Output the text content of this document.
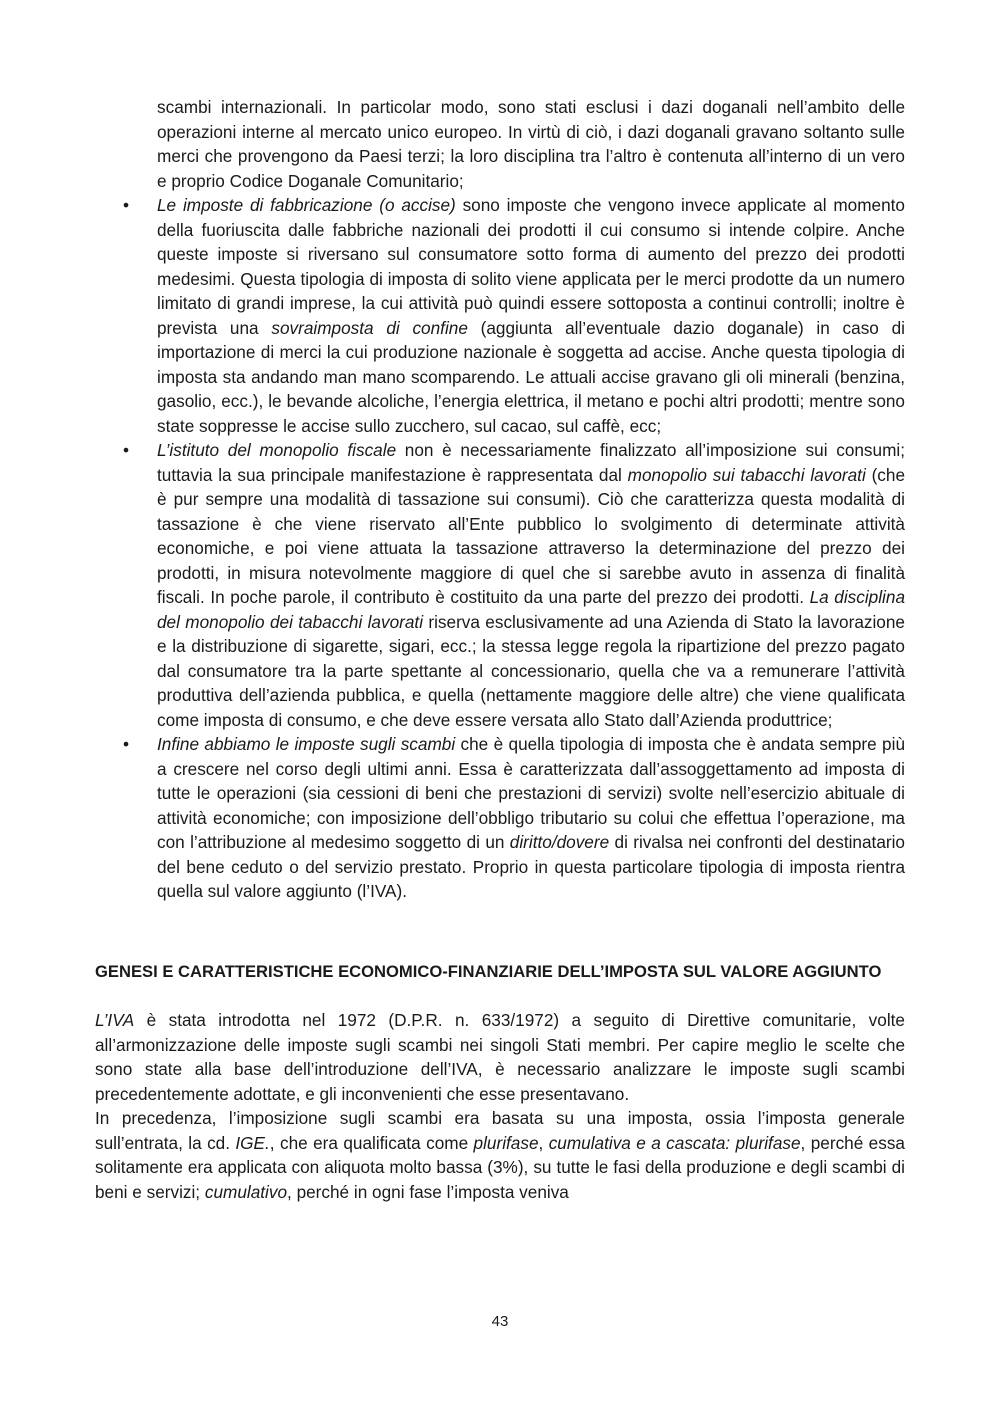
scambi internazionali. In particolar modo, sono stati esclusi i dazi doganali nell’ambito delle operazioni interne al mercato unico europeo. In virtù di ciò, i dazi doganali gravano soltanto sulle merci che provengono da Paesi terzi; la loro disciplina tra l’altro è contenuta all’interno di un vero e proprio Codice Doganale Comunitario;

• Le imposte di fabbricazione (o accise) sono imposte che vengono invece applicate al momento della fuoriuscita dalle fabbriche nazionali dei prodotti il cui consumo si intende colpire. Anche queste imposte si riversano sul consumatore sotto forma di aumento del prezzo dei prodotti medesimi. Questa tipologia di imposta di solito viene applicata per le merci prodotte da un numero limitato di grandi imprese, la cui attività può quindi essere sottoposta a continui controlli; inoltre è prevista una sovraimposta di confine (aggiunta all’eventuale dazio doganale) in caso di importazione di merci la cui produzione nazionale è soggetta ad accise. Anche questa tipologia di imposta sta andando man mano scomparendo. Le attuali accise gravano gli oli minerali (benzina, gasolio, ecc.), le bevande alcoliche, l’energia elettrica, il metano e pochi altri prodotti; mentre sono state soppresse le accise sullo zucchero, sul cacao, sul caffè, ecc;
• L’istituto del monopolio fiscale non è necessariamente finalizzato all’imposizione sui consumi; tuttavia la sua principale manifestazione è rappresentata dal monopolio sui tabacchi lavorati (che è pur sempre una modalità di tassazione sui consumi). Ciò che caratterizza questa modalità di tassazione è che viene riservato all’Ente pubblico lo svolgimento di determinate attività economiche, e poi viene attuata la tassazione attraverso la determinazione del prezzo dei prodotti, in misura notevolmente maggiore di quel che si sarebbe avuto in assenza di finalità fiscali. In poche parole, il contributo è costituito da una parte del prezzo dei prodotti. La disciplina del monopolio dei tabacchi lavorati riserva esclusivamente ad una Azienda di Stato la lavorazione e la distribuzione di sigarette, sigari, ecc.; la stessa legge regola la ripartizione del prezzo pagato dal consumatore tra la parte spettante al concessionario, quella che va a remunerare l’attività produttiva dell’azienda pubblica, e quella (nettamente maggiore delle altre) che viene qualificata come imposta di consumo, e che deve essere versata allo Stato dall’Azienda produttrice;
• Infine abbiamo le imposte sugli scambi che è quella tipologia di imposta che è andata sempre più a crescere nel corso degli ultimi anni. Essa è caratterizzata dall’assoggettamento ad imposta di tutte le operazioni (sia cessioni di beni che prestazioni di servizi) svolte nell’esercizio abituale di attività economiche; con imposizione dell’obbligo tributario su colui che effettua l’operazione, ma con l’attribuzione al medesimo soggetto di un diritto/dovere di rivalsa nei confronti del destinatario del bene ceduto o del servizio prestato. Proprio in questa particolare tipologia di imposta rientra quella sul valore aggiunto (l’IVA).

GENESI E CARATTERISTICHE ECONOMICO-FINANZIARIE DELL’IMPOSTA SUL VALORE AGGIUNTO

L’IVA è stata introdotta nel 1972 (D.P.R. n. 633/1972) a seguito di Direttive comunitarie, volte all’armonizzazione delle imposte sugli scambi nei singoli Stati membri. Per capire meglio le scelte che sono state alla base dell’introduzione dell’IVA, è necessario analizzare le imposte sugli scambi precedentemente adottate, e gli inconvenienti che esse presentavano.

In precedenza, l’imposizione sugli scambi era basata su una imposta, ossia l’imposta generale sull’entrata, la cd. IGE., che era qualificata come plurifase, cumulativa e a cascata: plurifase, perché essa solitamente era applicata con aliquota molto bassa (3%), su tutte le fasi della produzione e degli scambi di beni e servizi; cumulativo, perché in ogni fase l’imposta veniva

43
